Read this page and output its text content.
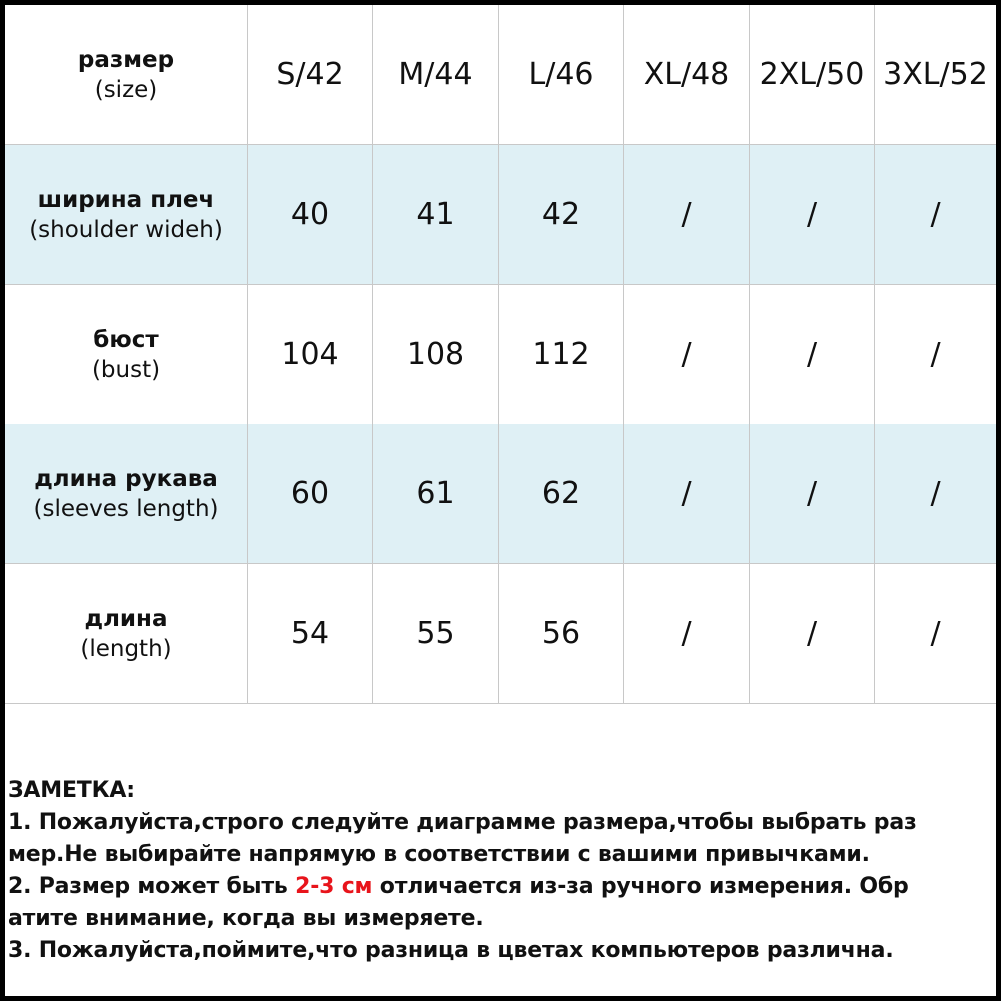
размер
(size)	S/42	M/44	L/46	XL/48	2XL/50 3XL/52
ширина плеч
(shoulder wideh)	40	41	42	/	/	/
бюст
(bust)	104	108	112	/	/	/
длина рукава
(sleeves length)	60	61	62	/	/	/
длина
(length)	54	55	56	/	/	/
ЗАМЕТКА:
1. Пожалуйста,строго следуйте диаграмме размера,чтобы выбрать раз
мер.Не выбирайте напрямую в соответствии с вашими привычками.
2. Размер может быть 2-3 см отличается из-за ручного измерения. Обр
атите внимание, когда вы измеряете.
3. Пожалуйста,поймите,что разница в цветах компьютеров различна.
